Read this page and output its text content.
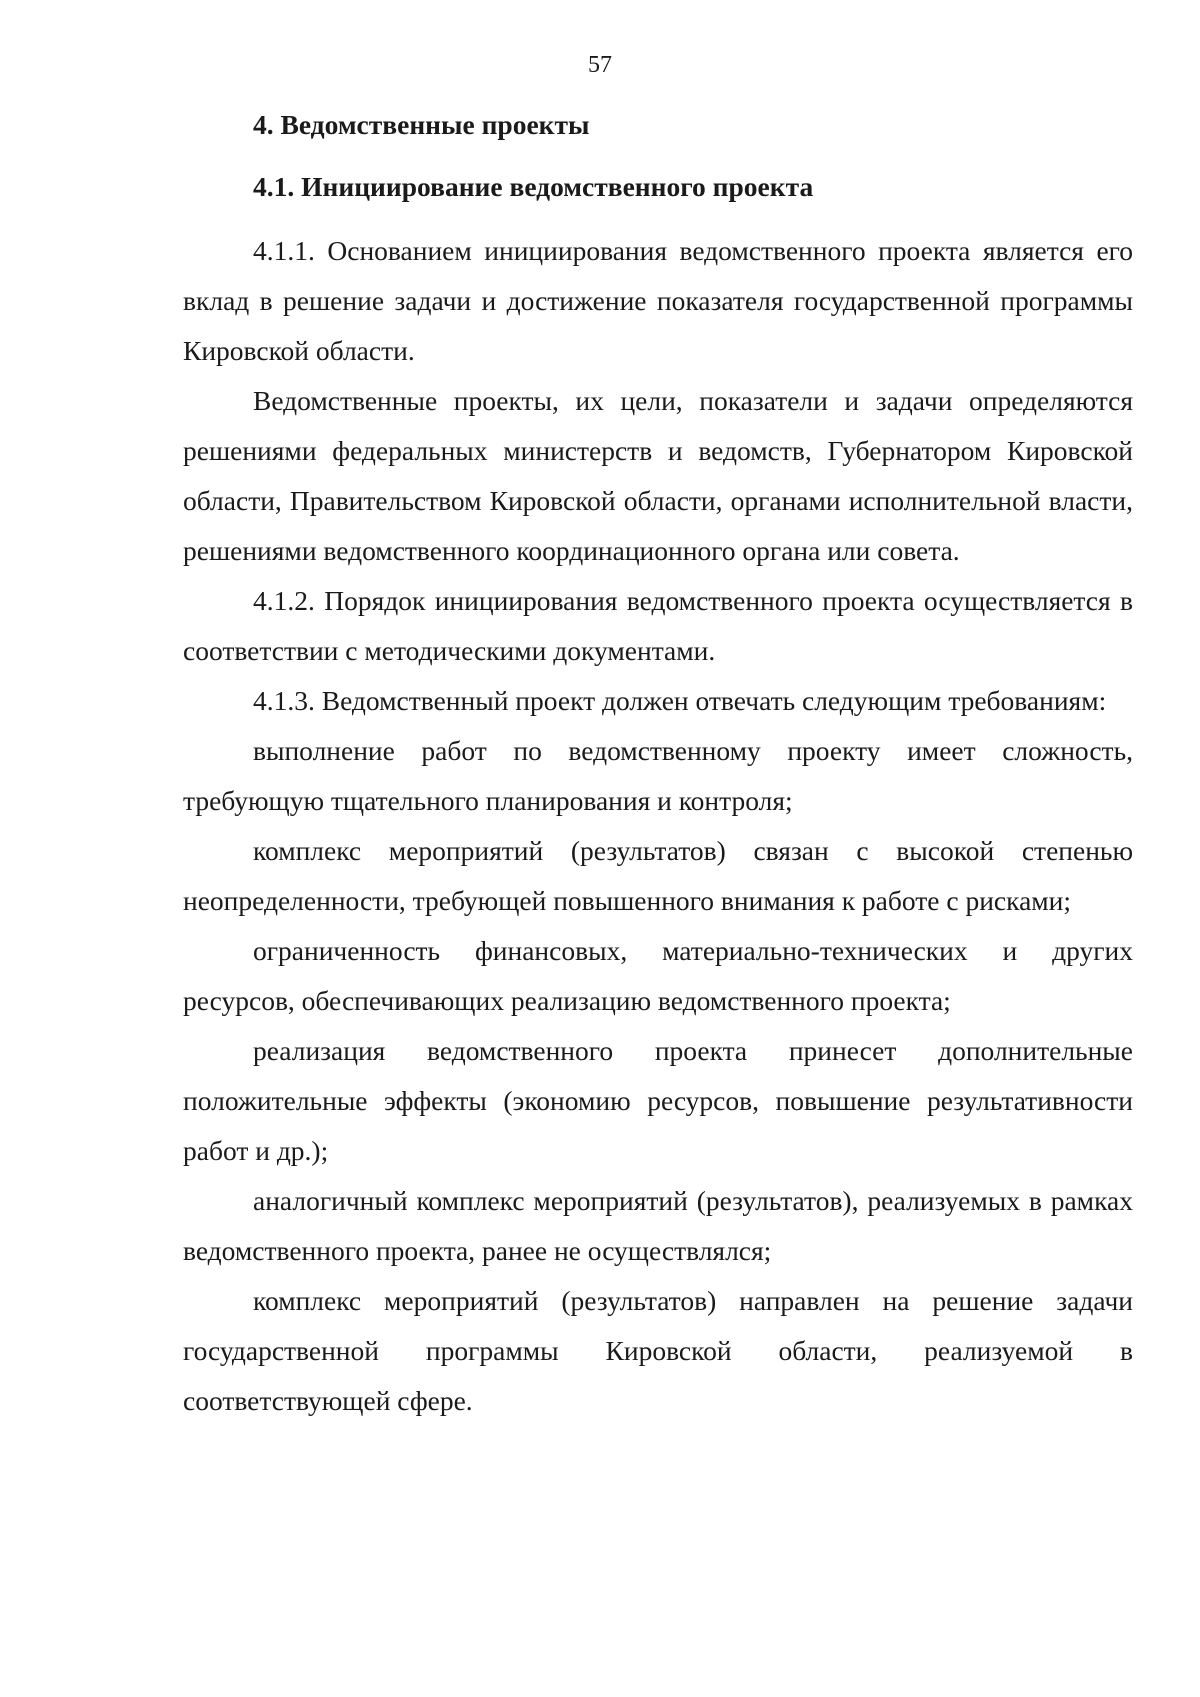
57
4. Ведомственные проекты
4.1. Инициирование ведомственного проекта

4.1.1. Основанием инициирования ведомственного проекта является его вклад в решение задачи и достижение показателя государственной программы Кировской области.

Ведомственные проекты, их цели, показатели и задачи определяются решениями федеральных министерств и ведомств, Губернатором Кировской области, Правительством Кировской области, органами исполнительной власти, решениями ведомственного координационного органа или совета.

4.1.2. Порядок инициирования ведомственного проекта осуществляется в соответствии с методическими документами.

4.1.3. Ведомственный проект должен отвечать следующим требованиям:

выполнение работ по ведомственному проекту имеет сложность, требующую тщательного планирования и контроля;

комплекс мероприятий (результатов) связан с высокой степенью неопределенности, требующей повышенного внимания к работе с рисками;

ограниченность финансовых, материально-технических и других ресурсов, обеспечивающих реализацию ведомственного проекта;

реализация ведомственного проекта принесет дополнительные положительные эффекты (экономию ресурсов, повышение результативности работ и др.);

аналогичный комплекс мероприятий (результатов), реализуемых в рамках ведомственного проекта, ранее не осуществлялся;

комплекс мероприятий (результатов) направлен на решение задачи государственной программы Кировской области, реализуемой в соответствующей сфере.
